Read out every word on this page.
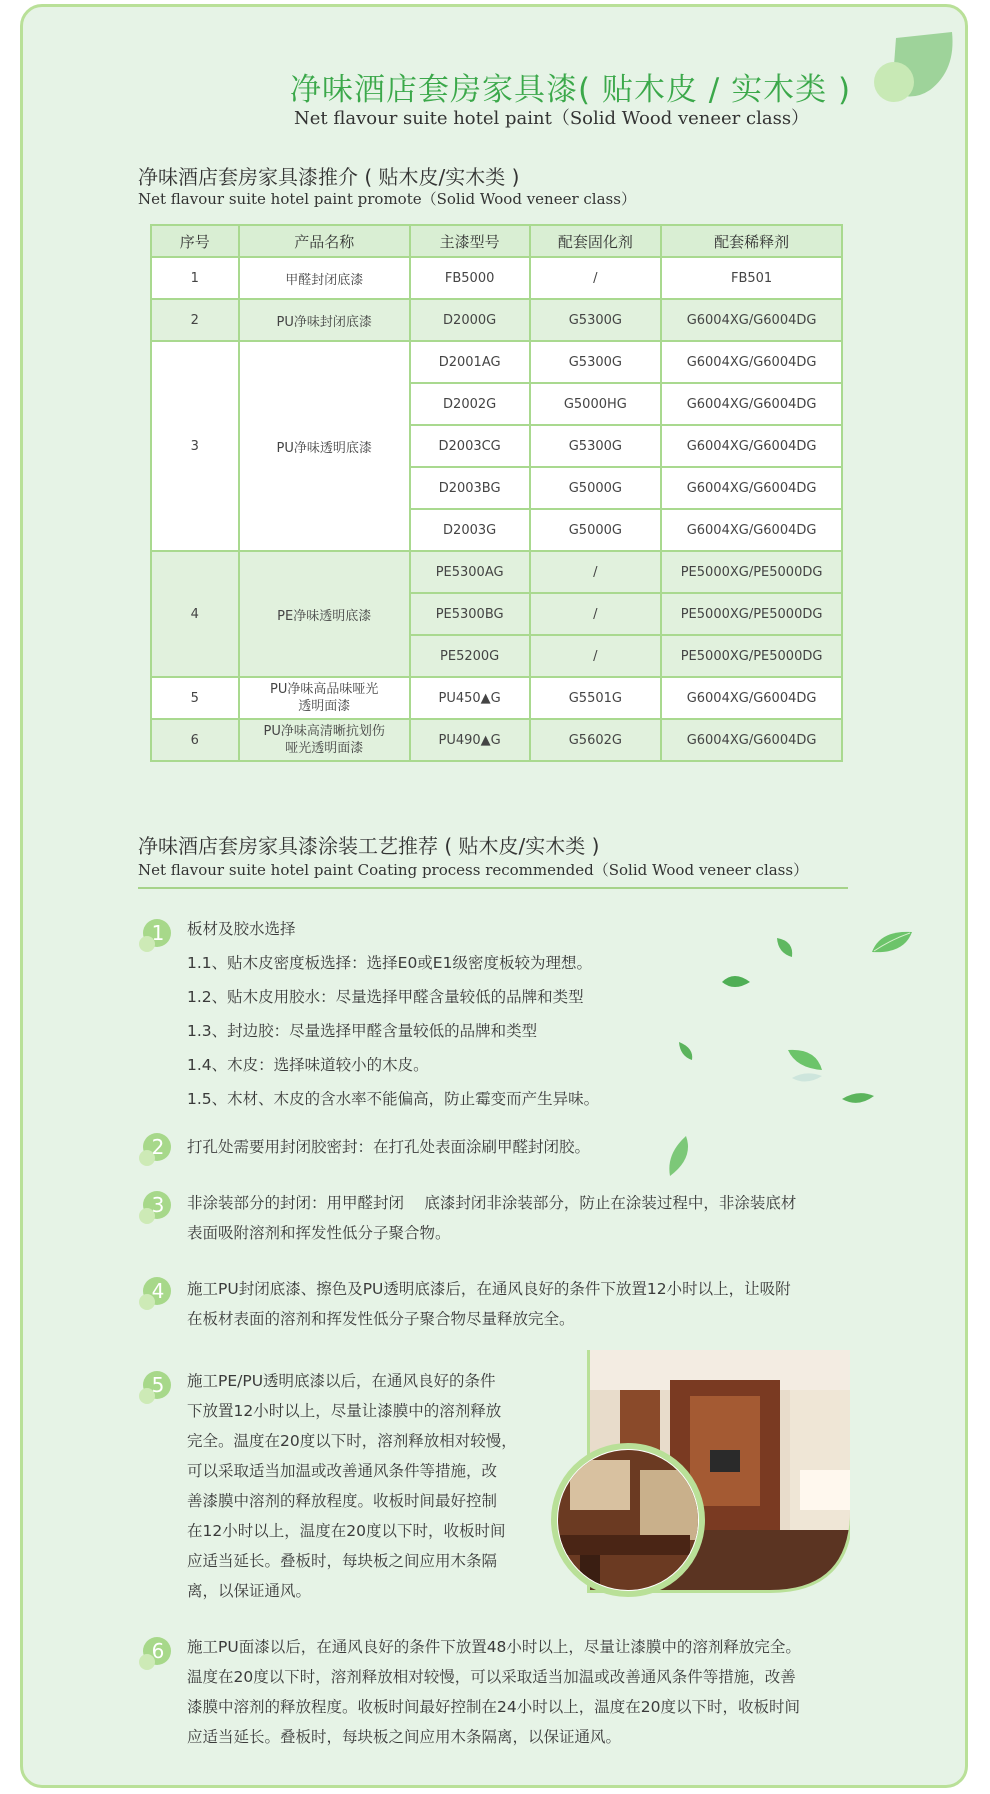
净味酒店套房家具漆( 贴木皮 / 实木类 )
Net flavour suite hotel paint（Solid Wood veneer class）
净味酒店套房家具漆推介 ( 贴木皮/实木类 )
Net flavour suite hotel paint promote（Solid Wood veneer class）
序号	产品名称	主漆型号	配套固化剂	配套稀释剂
1	甲醛封闭底漆	FB5000	/	FB501
2	PU净味封闭底漆	D2000G	G5300G	G6004XG/G6004DG
3	PU净味透明底漆	D2001AG	G5300G	G6004XG/G6004DG
		D2002G	G5000HG	G6004XG/G6004DG
		D2003CG	G5300G	G6004XG/G6004DG
		D2003BG	G5000G	G6004XG/G6004DG
		D2003G	G5000G	G6004XG/G6004DG
4	PE净味透明底漆	PE5300AG	/	PE5000XG/PE5000DG
		PE5300BG	/	PE5000XG/PE5000DG
		PE5200G	/	PE5000XG/PE5000DG
5	PU净味高品味哑光
透明面漆	PU450▲G	G5501G	G6004XG/G6004DG
6	PU净味高清晰抗划伤
哑光透明面漆	PU490▲G	G5602G	G6004XG/G6004DG
净味酒店套房家具漆涂装工艺推荐 ( 贴木皮/实木类 )
Net flavour suite hotel paint Coating process recommended（Solid Wood veneer class）
1
2
3
4
5
6
板材及胶水选择
1.1、贴木皮密度板选择：选择E0或E1级密度板较为理想。
1.2、贴木皮用胶水：尽量选择甲醛含量较低的品牌和类型
1.3、封边胶：尽量选择甲醛含量较低的品牌和类型
1.4、木皮：选择味道较小的木皮。
1.5、木材、木皮的含水率不能偏高，防止霉变而产生异味。
打孔处需要用封闭胶密封：在打孔处表面涂刷甲醛封闭胶。
非涂装部分的封闭：用甲醛封闭　 底漆封闭非涂装部分，防止在涂装过程中，非涂装底材
表面吸附溶剂和挥发性低分子聚合物。
施工PU封闭底漆、擦色及PU透明底漆后，在通风良好的条件下放置12小时以上，让吸附
在板材表面的溶剂和挥发性低分子聚合物尽量释放完全。
施工PE/PU透明底漆以后，在通风良好的条件
下放置12小时以上，尽量让漆膜中的溶剂释放
完全。温度在20度以下时，溶剂释放相对较慢，
可以采取适当加温或改善通风条件等措施，改
善漆膜中溶剂的释放程度。收板时间最好控制
在12小时以上，温度在20度以下时，收板时间
应适当延长。叠板时，每块板之间应用木条隔
离，以保证通风。
施工PU面漆以后，在通风良好的条件下放置48小时以上，尽量让漆膜中的溶剂释放完全。
温度在20度以下时，溶剂释放相对较慢，可以采取适当加温或改善通风条件等措施，改善
漆膜中溶剂的释放程度。收板时间最好控制在24小时以上，温度在20度以下时，收板时间
应适当延长。叠板时，每块板之间应用木条隔离，以保证通风。
